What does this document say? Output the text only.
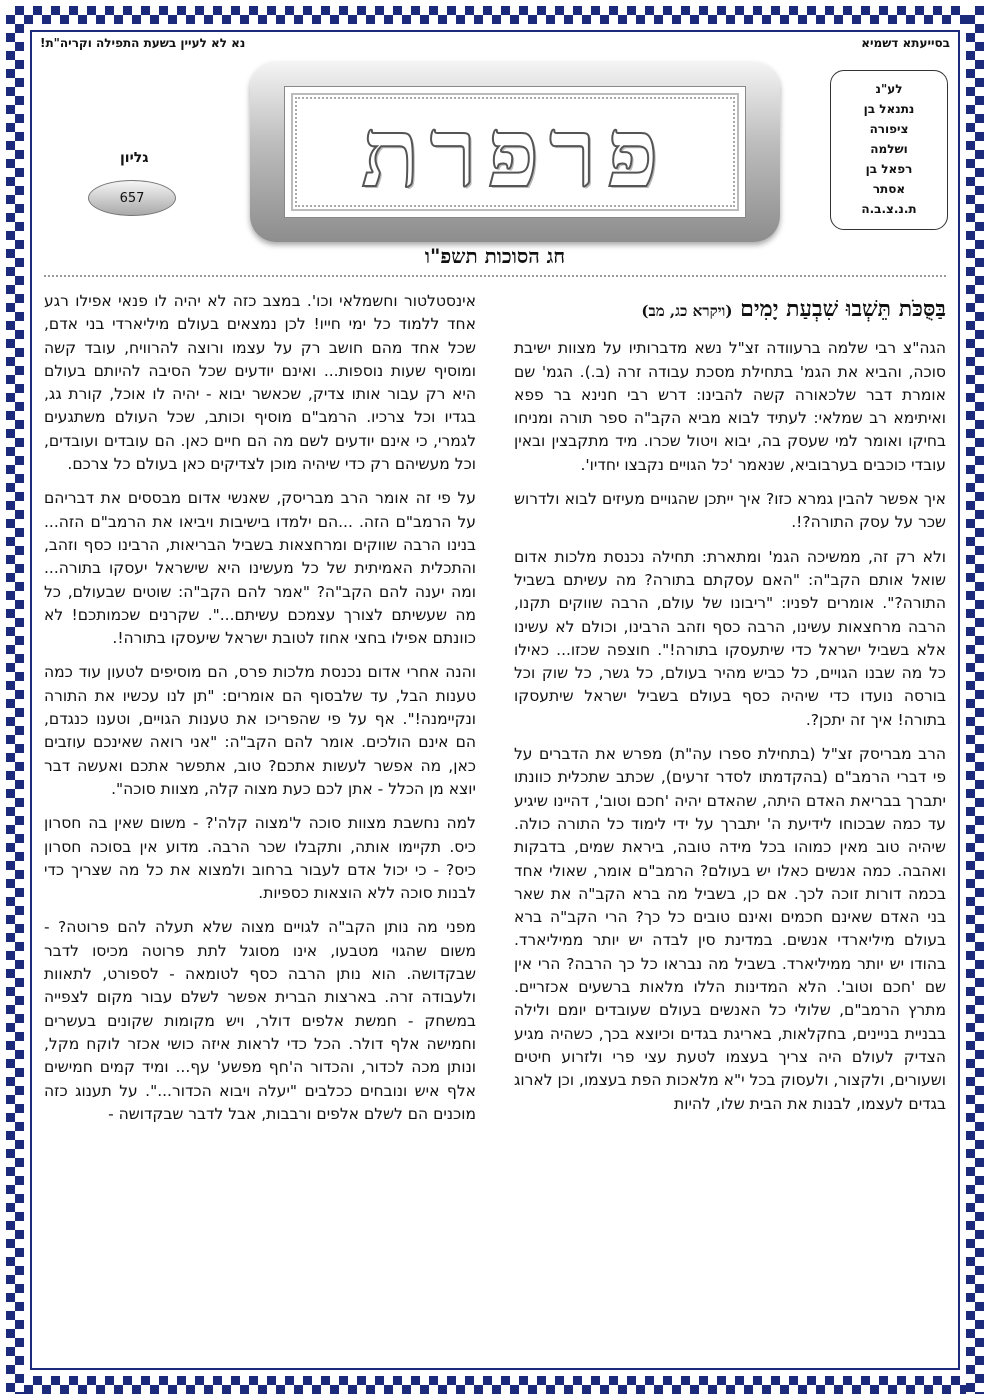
בסייעתא דשמיא
נא לא לעיין בשעת התפילה וקריה"ת!
לע"נ
נתנאל בן
ציפורה
ושלמה
רפאל בן
אסתר
ת.נ.צ.ב.ה
פרפרת
גליון
657
חג הסוכות תשפ"ו
בַּסֻּכֹּת תֵּשְׁבוּ שִׁבְעַת יָמִים (ויקרא כג, מב)

הגה"צ רבי שלמה ברעוודה זצ"ל נשא מדברותיו על מצוות ישיבת סוכה, והביא את הגמ' בתחילת מסכת עבודה זרה (ב.). הגמ' שם אומרת דבר שלכאורה קשה להבינו: דרש רבי חנינא בר פפא ואיתימא רב שמלאי: לעתיד לבוא מביא הקב"ה ספר תורה ומניחו בחיקו ואומר למי שעסק בה, יבוא ויטול שכרו. מיד מתקבצין ובאין עובדי כוכבים בערבוביא, שנאמר 'כל הגויים נקבצו יחדיו'.

איך אפשר להבין גמרא כזו? איך ייתכן שהגויים מעיזים לבוא ולדרוש שכר על עסק התורה?!.

ולא רק זה, ממשיכה הגמ' ומתארת: תחילה נכנסת מלכות אדום שואל אותם הקב"ה: "האם עסקתם בתורה? מה עשיתם בשביל התורה?". אומרים לפניו: "ריבונו של עולם, הרבה שווקים תקנו, הרבה מרחצאות עשינו, הרבה כסף וזהב הרבינו, וכולם לא עשינו אלא בשביל ישראל כדי שיתעסקו בתורה!". חוצפה שכזו... כאילו כל מה שבנו הגויים, כל כביש מהיר בעולם, כל גשר, כל שוק וכל בורסה נועדו כדי שיהיה כסף בעולם בשביל ישראל שיתעסקו בתורה! איך זה יתכן?.

הרב מבריסק זצ"ל (בתחילת ספרו עה"ת) מפרש את הדברים על פי דברי הרמב"ם (בהקדמתו לסדר זרעים), שכתב שתכלית כוונתו יתברך בבריאת האדם היתה, שהאדם יהיה 'חכם וטוב', דהיינו שיגיע עד כמה שבכוחו לידיעת ה' יתברך על ידי לימוד כל התורה כולה. שיהיה טוב מאין כמוהו בכל מידה טובה, ביראת שמים, בדבקות ואהבה. כמה אנשים כאלו יש בעולם? הרמב"ם אומר, שאולי אחד בכמה דורות זוכה לכך. אם כן, בשביל מה ברא הקב"ה את שאר בני האדם שאינם חכמים ואינם טובים כל כך? הרי הקב"ה ברא בעולם מיליארדי אנשים. במדינת סין לבדה יש יותר ממיליארד. בהודו יש יותר ממיליארד. בשביל מה נבראו כל כך הרבה? הרי אין שם 'חכם וטוב'. הלא המדינות הללו מלאות ברשעים אכזריים. מתרץ הרמב"ם, שלולי כל האנשים בעולם שעובדים יומם ולילה בבניית בניינים, בחקלאות, באריגת בגדים וכיוצא בכך, כשהיה מגיע הצדיק לעולם היה צריך בעצמו לטעת עצי פרי ולזרוע חיטים ושעורים, ולקצור, ולעסוק בכל י"א מלאכות הפת בעצמו, וכן לארוג בגדים לעצמו, לבנות את הבית שלו, להיות

אינסטלטור וחשמלאי וכו'. במצב כזה לא יהיה לו פנאי אפילו רגע אחד ללמוד כל ימי חייו! לכן נמצאים בעולם מיליארדי בני אדם, שכל אחד מהם חושב רק על עצמו ורוצה להרוויח, עובד קשה ומוסיף שעות נוספות... ואינם יודעים שכל הסיבה להיותם בעולם היא רק עבור אותו צדיק, שכאשר יבוא - יהיה לו אוכל, קורת גג, בגדיו וכל צרכיו. הרמב"ם מוסיף וכותב, שכל העולם משתגעים לגמרי, כי אינם יודעים לשם מה הם חיים כאן. הם עובדים ועובדים, וכל מעשיהם רק כדי שיהיה מוכן לצדיקים כאן בעולם כל צרכם.

על פי זה אומר הרב מבריסק, שאנשי אדום מבססים את דבריהם על הרמב"ם הזה. ...הם ילמדו בישיבות ויביאו את הרמב"ם הזה... בנינו הרבה שווקים ומרחצאות בשביל הבריאות, הרבינו כסף וזהב, והתכלית האמיתית של כל מעשינו היא שישראל יעסקו בתורה... ומה יענה להם הקב"ה? "אמר להם הקב"ה: שוטים שבעולם, כל מה שעשיתם לצורך עצמכם עשיתם...". שקרנים שכמותכם! לא כוונתם אפילו בחצי אחוז לטובת ישראל שיעסקו בתורה!.

והנה אחרי אדום נכנסת מלכות פרס, הם מוסיפים לטעון עוד כמה טענות הבל, עד שלבסוף הם אומרים: "תן לנו עכשיו את התורה ונקיימנה!". אף על פי שהפריכו את טענות הגויים, וטענו כנגדם, הם אינם הולכים. אומר להם הקב"ה: "אני רואה שאינכם עוזבים כאן, מה אפשר לעשות אתכם? טוב, אתפשר אתכם ואעשה דבר יוצא מן הכלל - אתן לכם כעת מצוה קלה, מצוות סוכה".

למה נחשבת מצוות סוכה ל'מצוה קלה'? - משום שאין בה חסרון כיס. תקיימו אותה, ותקבלו שכר הרבה. מדוע אין בסוכה חסרון כיס? - כי יכול אדם לעבור ברחוב ולמצוא את כל מה שצריך כדי לבנות סוכה ללא הוצאות כספיות.

מפני מה נותן הקב"ה לגויים מצוה שלא תעלה להם פרוטה? - משום שהגוי מטבעו, אינו מסוגל לתת פרוטה מכיסו לדבר שבקדושה. הוא נותן הרבה כסף לטומאה - לספורט, לתאוות ולעבודה זרה. בארצות הברית אפשר לשלם עבור מקום לצפייה במשחק - חמשת אלפים דולר, ויש מקומות שקונים בעשרים וחמישה אלף דולר. הכל כדי לראות איזה כושי אכזר לוקח מקל, ונותן מכה לכדור, והכדור ה'חף מפשע' עף... ומיד קמים חמישים אלף איש ונובחים ככלבים "יעלה ויבוא הכדור...". על תענוג כזה מוכנים הם לשלם אלפים ורבבות, אבל לדבר שבקדושה -
